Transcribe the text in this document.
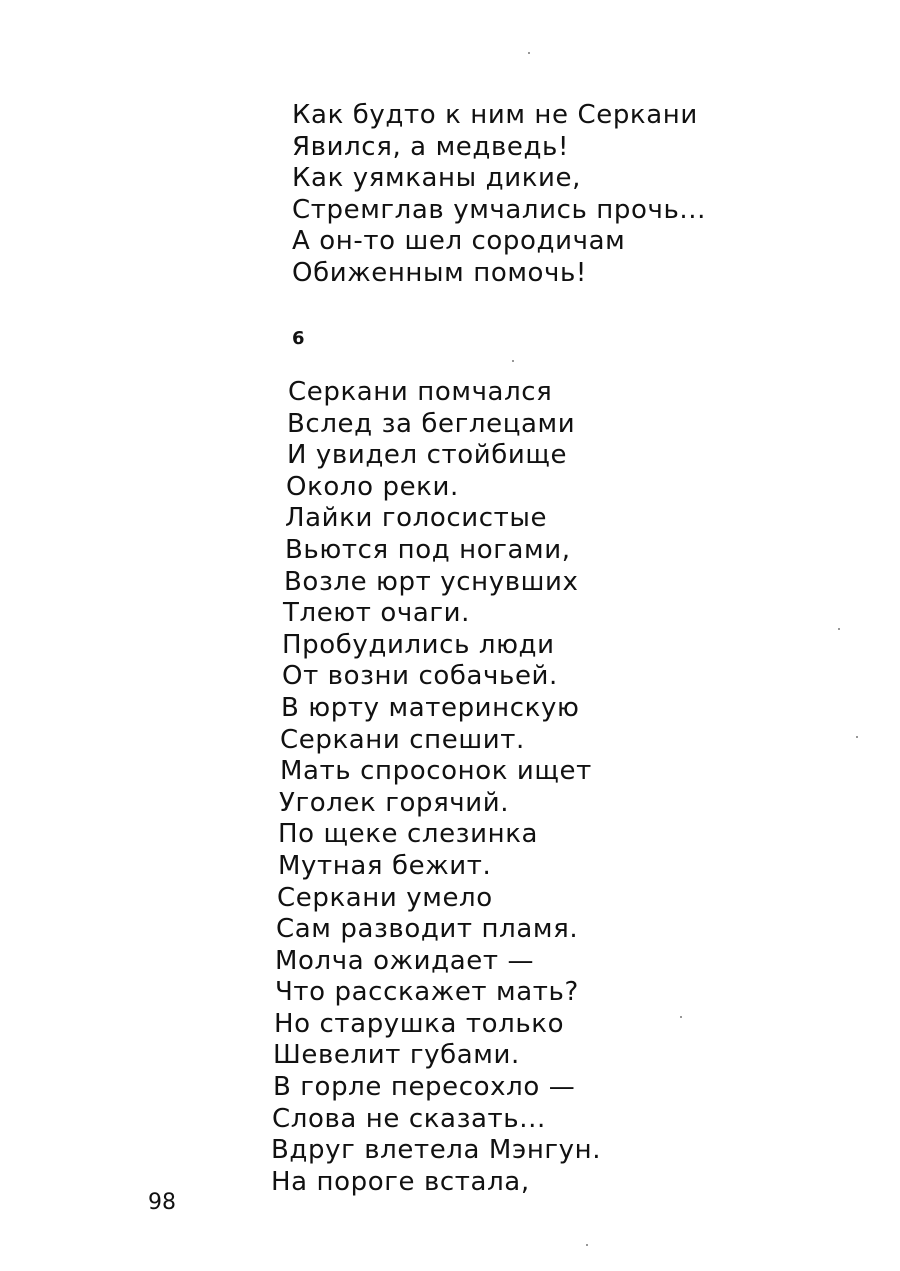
Как будто к ним не Серкани
Явился, а медведь!
Как уямканы дикие,
Стремглав умчались прочь...
А он-то шел сородичам
Обиженным помочь!
6
Серкани помчался
Вслед за беглецами
И увидел стойбище
Около реки.
Лайки голосистые
Вьются под ногами,
Возле юрт уснувших
Тлеют очаги.
Пробудились люди
От возни собачьей.
В юрту материнскую
Серкани спешит.
Мать спросонок ищет
Уголек горячий.
По щеке слезинка
Мутная бежит.
Серкани умело
Сам разводит пламя.
Молча ожидает —
Что расскажет мать?
Но старушка только
Шевелит губами.
В горле пересохло —
Слова не сказать...
Вдруг влетела Мэнгун.
На пороге встала,
98
